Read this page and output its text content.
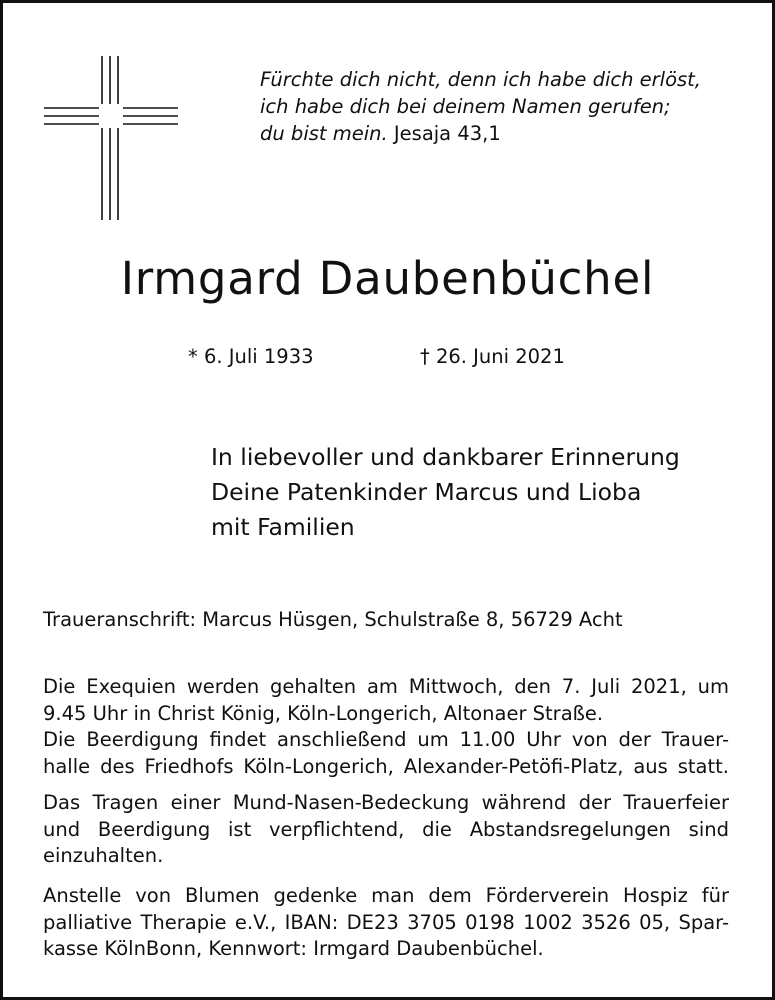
Fürchte dich nicht, denn ich habe dich erlöst,
ich habe dich bei deinem Namen gerufen;
du bist mein. Jesaja 43,1
Irmgard Daubenbüchel
* 6. Juli 1933	† 26. Juni 2021
In liebevoller und dankbarer Erinnerung
Deine Patenkinder Marcus und Lioba
mit Familien
Traueranschrift: Marcus Hüsgen, Schulstraße 8, 56729 Acht
Die Exequien werden gehalten am Mittwoch, den 7. Juli 2021, um
9.45 Uhr in Christ König, Köln-Longerich, Altonaer Straße.
Die Beerdigung findet anschließend um 11.00 Uhr von der Trauer-
halle des Friedhofs Köln-Longerich, Alexander-Petöfi-Platz, aus statt.
Das Tragen einer Mund-Nasen-Bedeckung während der Trauerfeier
und Beerdigung ist verpflichtend, die Abstandsregelungen sind
einzuhalten.
Anstelle von Blumen gedenke man dem Förderverein Hospiz für
palliative Therapie e.V., IBAN: DE23 3705 0198 1002 3526 05, Spar-
kasse KölnBonn, Kennwort: Irmgard Daubenbüchel.
